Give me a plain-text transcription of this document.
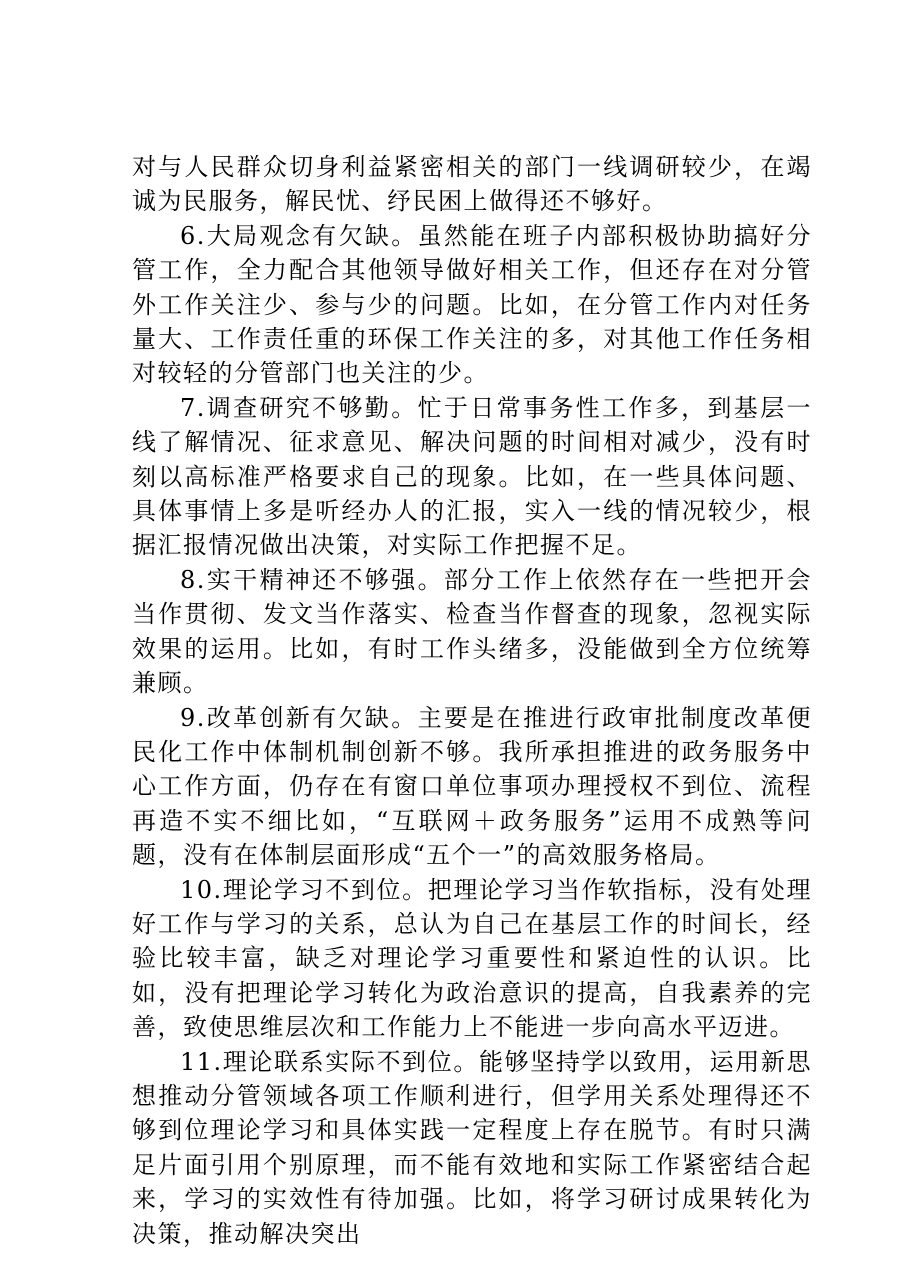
对与人民群众切身利益紧密相关的部门一线调研较少，在竭诚为民服务，解民忧、纾民困上做得还不够好。

6.大局观念有欠缺。虽然能在班子内部积极协助搞好分管工作，全力配合其他领导做好相关工作，但还存在对分管外工作关注少、参与少的问题。比如，在分管工作内对任务量大、工作责任重的环保工作关注的多，对其他工作任务相对较轻的分管部门也关注的少。

7.调查研究不够勤。忙于日常事务性工作多，到基层一线了解情况、征求意见、解决问题的时间相对减少，没有时刻以高标准严格要求自己的现象。比如，在一些具体问题、具体事情上多是听经办人的汇报，实入一线的情况较少，根据汇报情况做出决策，对实际工作把握不足。

8.实干精神还不够强。部分工作上依然存在一些把开会当作贯彻、发文当作落实、检查当作督查的现象，忽视实际效果的运用。比如，有时工作头绪多，没能做到全方位统筹兼顾。

9.改革创新有欠缺。主要是在推进行政审批制度改革便民化工作中体制机制创新不够。我所承担推进的政务服务中心工作方面，仍存在有窗口单位事项办理授权不到位、流程再造不实不细比如，“互联网＋政务服务”运用不成熟等问题，没有在体制层面形成“五个一”的高效服务格局。

10.理论学习不到位。把理论学习当作软指标，没有处理好工作与学习的关系，总认为自己在基层工作的时间长，经验比较丰富，缺乏对理论学习重要性和紧迫性的认识。比如，没有把理论学习转化为政治意识的提高，自我素养的完善，致使思维层次和工作能力上不能进一步向高水平迈进。

11.理论联系实际不到位。能够坚持学以致用，运用新思想推动分管领域各项工作顺利进行，但学用关系处理得还不够到位理论学习和具体实践一定程度上存在脱节。有时只满足片面引用个别原理，而不能有效地和实际工作紧密结合起来，学习的实效性有待加强。比如，将学习研讨成果转化为决策，推动解决突出
